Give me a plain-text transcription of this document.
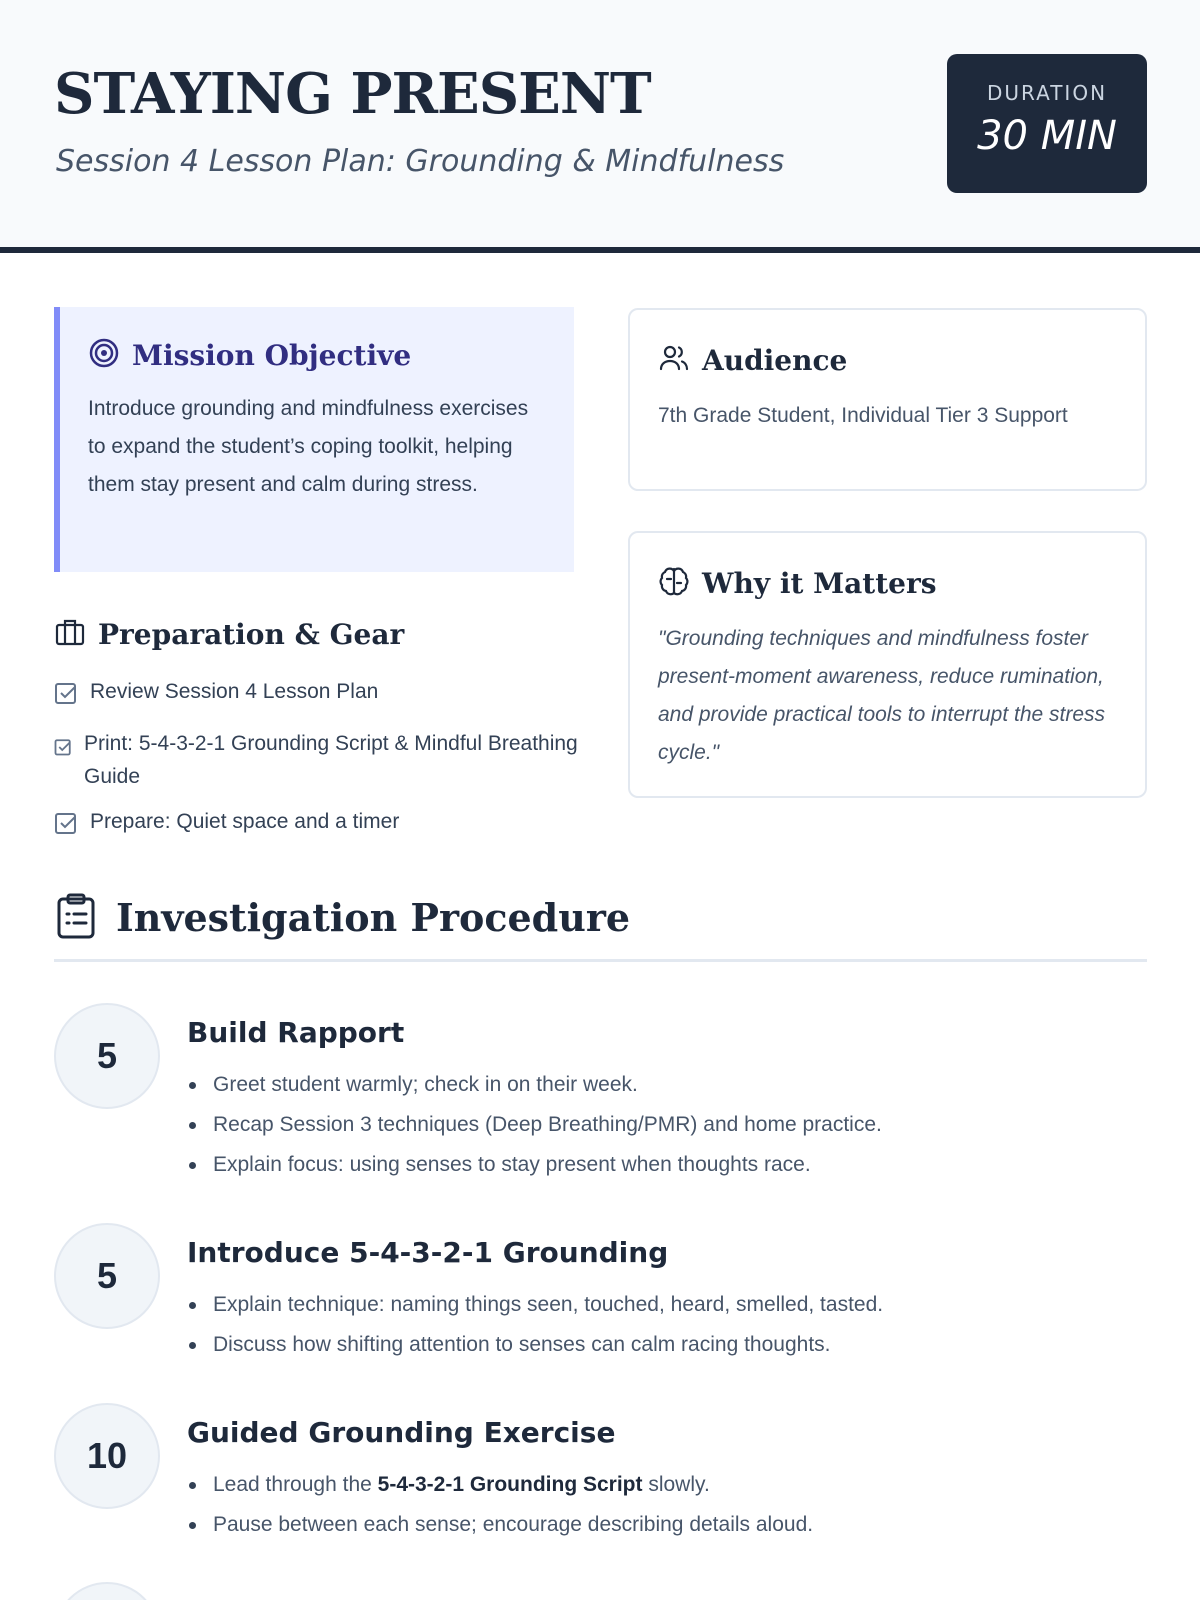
STAYING PRESENT
Session 4 Lesson Plan: Grounding & Mindfulness
DURATION
30 MIN
Mission Objective
Introduce grounding and mindfulness exercises to expand the student’s coping toolkit, helping them stay present and calm during stress.
Audience
7th Grade Student, Individual Tier 3 Support
Why it Matters
"Grounding techniques and mindfulness foster present-moment awareness, reduce rumination, and provide practical tools to interrupt the stress cycle."
Preparation & Gear
Review Session 4 Lesson Plan
Print: 5-4-3-2-1 Grounding Script & Mindful Breathing Guide
Prepare: Quiet space and a timer
Investigation Procedure
5
Build Rapport
Greet student warmly; check in on their week.
Recap Session 3 techniques (Deep Breathing/PMR) and home practice.
Explain focus: using senses to stay present when thoughts race.
5
Introduce 5-4-3-2-1 Grounding
Explain technique: naming things seen, touched, heard, smelled, tasted.
Discuss how shifting attention to senses can calm racing thoughts.
10
Guided Grounding Exercise
Lead through the 5-4-3-2-1 Grounding Script slowly.
Pause between each sense; encourage describing details aloud.
